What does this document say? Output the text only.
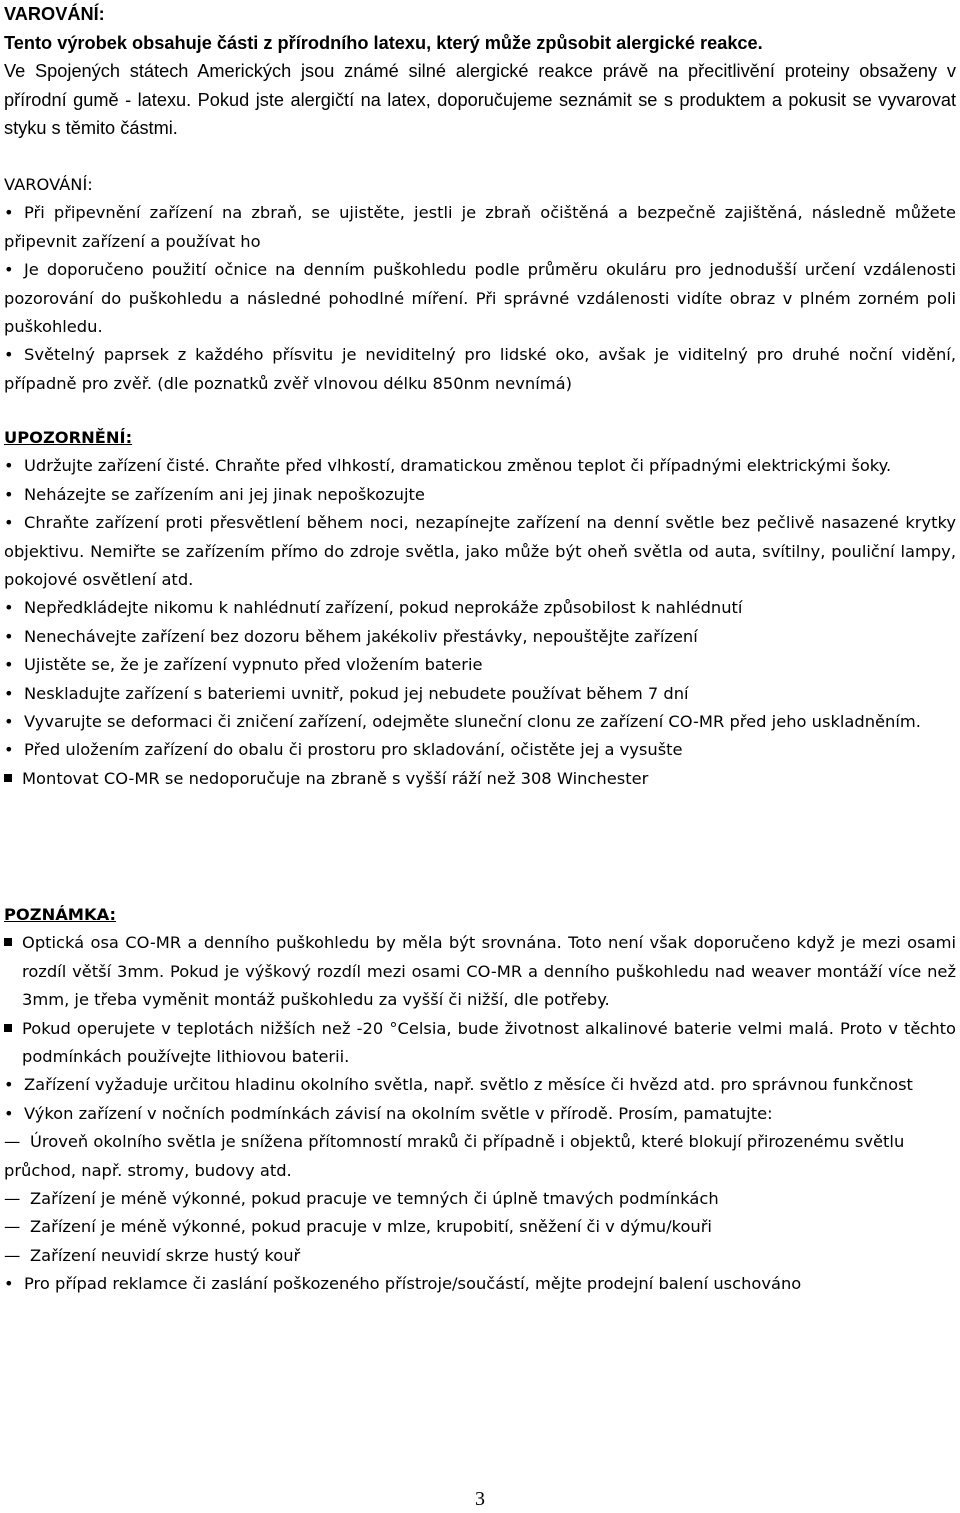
VAROVÁNÍ:

Tento výrobek obsahuje části z přírodního latexu, který může způsobit alergické reakce.

Ve Spojených státech Amerických jsou známé silné alergické reakce právě na přecitlivění proteiny obsaženy v přírodní gumě - latexu. Pokud jste alergičtí na latex, doporučujeme seznámit se s produktem a pokusit se vyvarovat styku s těmito částmi.

VAROVÁNÍ:

• Při připevnění zařízení na zbraň, se ujistěte, jestli je zbraň očištěná a bezpečně zajištěná, následně můžete připevnit zařízení a používat ho

• Je doporučeno použití očnice na denním puškohledu podle průměru okuláru pro jednodušší určení vzdálenosti pozorování do puškohledu a následné pohodlné míření. Při správné vzdálenosti vidíte obraz v plném zorném poli puškohledu.

• Světelný paprsek z každého přísvitu je neviditelný pro lidské oko, avšak je viditelný pro druhé noční vidění, případně pro zvěř. (dle poznatků zvěř vlnovou délku 850nm nevnímá)

UPOZORNĚNÍ:

• Udržujte zařízení čisté. Chraňte před vlhkostí, dramatickou změnou teplot či případnými elektrickými šoky.

• Neházejte se zařízením ani jej jinak nepoškozujte

• Chraňte zařízení proti přesvětlení během noci, nezapínejte zařízení na denní světle bez pečlivě nasazené krytky objektivu. Nemiřte se zařízením přímo do zdroje světla, jako může být oheň světla od auta, svítilny, pouliční lampy, pokojové osvětlení atd.

• Nepředkládejte nikomu k nahlédnutí zařízení, pokud neprokáže způsobilost k nahlédnutí

• Nenechávejte zařízení bez dozoru během jakékoliv přestávky, nepouštějte zařízení

• Ujistěte se, že je zařízení vypnuto před vložením baterie

• Neskladujte zařízení s bateriemi uvnitř, pokud jej nebudete používat během 7 dní

• Vyvarujte se deformaci či zničení zařízení, odejměte sluneční clonu ze zařízení CO-MR před jeho uskladněním.

• Před uložením zařízení do obalu či prostoru pro skladování, očistěte jej a vysušte

Montovat CO-MR se nedoporučuje na zbraně s vyšší ráží než 308 Winchester

POZNÁMKA:

Optická osa CO-MR a denního puškohledu by měla být srovnána. Toto není však doporučeno když je mezi osami rozdíl větší 3mm. Pokud je výškový rozdíl mezi osami CO-MR a denního puškohledu nad weaver montáží více než 3mm, je třeba vyměnit montáž puškohledu za vyšší či nižší, dle potřeby.

Pokud operujete v teplotách nižších než -20 °Celsia, bude životnost alkalinové baterie velmi malá. Proto v těchto podmínkách používejte lithiovou baterii.

• Zařízení vyžaduje určitou hladinu okolního světla, např. světlo z měsíce či hvězd atd. pro správnou funkčnost

• Výkon zařízení v nočních podmínkách závisí na okolním světle v přírodě. Prosím, pamatujte:

— Úroveň okolního světla je snížena přítomností mraků či případně i objektů, které blokují přirozenému světlu průchod, např. stromy, budovy atd.

— Zařízení je méně výkonné, pokud pracuje ve temných či úplně tmavých podmínkách

— Zařízení je méně výkonné, pokud pracuje v mlze, krupobití, sněžení či v dýmu/kouři

— Zařízení neuvidí skrze hustý kouř

• Pro případ reklamce či zaslání poškozeného přístroje/součástí, mějte prodejní balení uschováno

3
